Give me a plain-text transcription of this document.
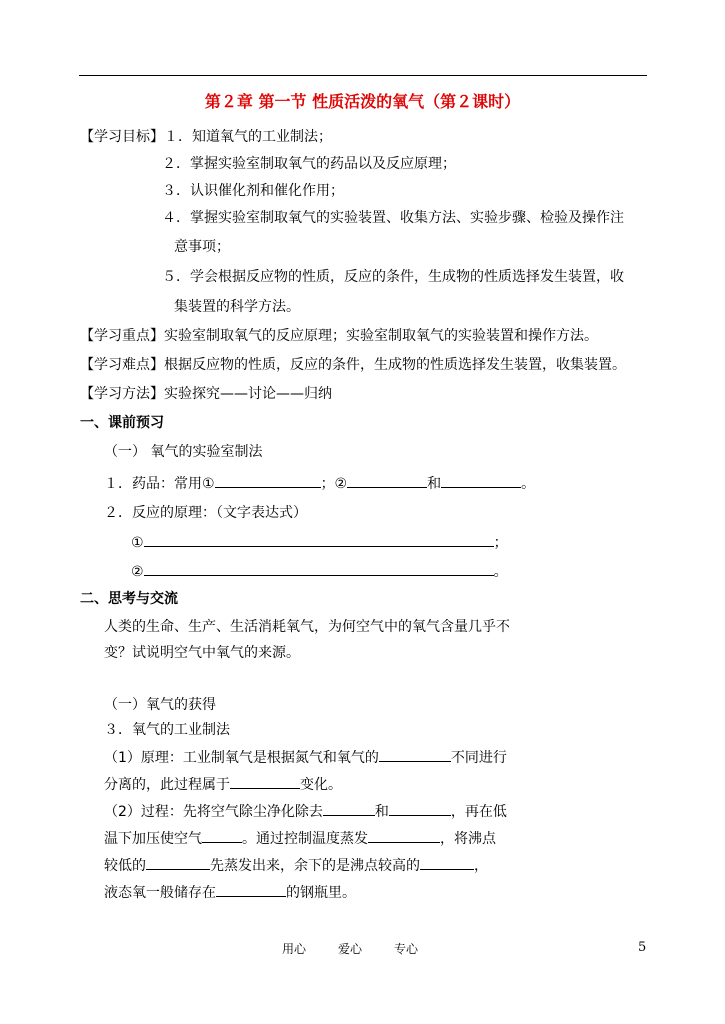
第２章 第一节 性质活泼的氧气（第２课时）
【学习目标】１．知道氧气的工业制法；
２．掌握实验室制取氧气的药品以及反应原理；
３．认识催化剂和催化作用；
４．掌握实验室制取氧气的实验装置、收集方法、实验步骤、检验及操作注
意事项；
５．学会根据反应物的性质，反应的条件，生成物的性质选择发生装置，收
集装置的科学方法。
【学习重点】实验室制取氧气的反应原理；实验室制取氧气的实验装置和操作方法。
【学习难点】根据反应物的性质，反应的条件，生成物的性质选择发生装置，收集装置。
【学习方法】实验探究——讨论——归纳
一、课前预习
（一） 氧气的实验室制法
１．药品：常用①	；②	和	。
２．反应的原理：（文字表达式）
①	；
②	。
二、思考与交流
人类的生命、生产、生活消耗氧气，为何空气中的氧气含量几乎不
变？试说明空气中氧气的来源。
（一）氧气的获得
３．氧气的工业制法
（1）原理：工业制氧气是根据氮气和氧气的	不同进行
分离的，此过程属于	变化。
（2）过程：先将空气除尘净化除去	和	，再在低
温下加压使空气	。通过控制温度蒸发	，将沸点
较低的	先蒸发出来，余下的是沸点较高的	，
液态氧一般储存在	的钢瓶里。
用心	爱心	专心	5
